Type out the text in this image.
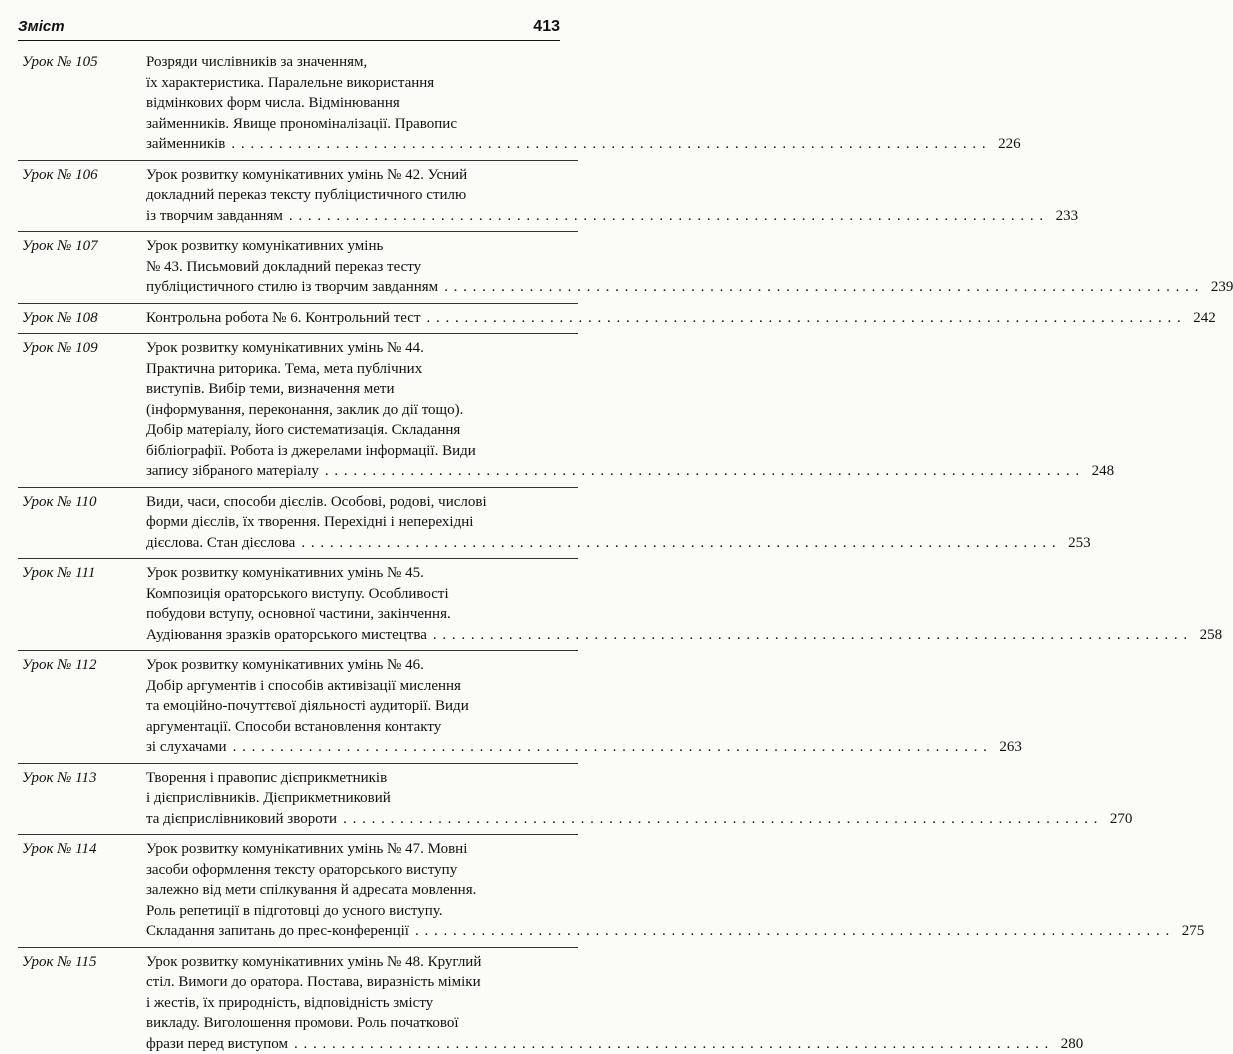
Зміст	413
Урок № 105	Розряди числівників за значенням,
їх характеристика. Паралельне використання
відмінкових форм числа. Відмінювання
займенників. Явище прономіналізації. Правопис
займенників . . . . . . . . . . . . . . . . . . . . . . . . . . . . . . . . . . . . . . . . . . . . . . . . . . . . . . . . . . . . . . . . . . . . . . . . . . . . . . . . 226
Урок № 106	Урок розвитку комунікативних умінь № 42. Усний
докладний переказ тексту публіцистичного стилю
із творчим завданням . . . . . . . . . . . . . . . . . . . . . . . . . . . . . . . . . . . . . . . . . . . . . . . . . . . . . . . . . . . . . . . . . . . . . . . . . . . . . . . . 233
Урок № 107	Урок розвитку комунікативних умінь
№ 43. Письмовий докладний переказ тесту
публіцистичного стилю із творчим завданням . . . . . . . . . . . . . . . . . . . . . . . . . . . . . . . . . . . . . . . . . . . . . . . . . . . . . . . . . . . . . . . . . . . . . . . . . . . . . . . . 239
Урок № 108	Контрольна робота № 6. Контрольний тест . . . . . . . . . . . . . . . . . . . . . . . . . . . . . . . . . . . . . . . . . . . . . . . . . . . . . . . . . . . . . . . . . . . . . . . . . . . . . . . . 242
Урок № 109	Урок розвитку комунікативних умінь № 44.
Практична риторика. Тема, мета публічних
виступів. Вибір теми, визначення мети
(інформування, переконання, заклик до дії тощо).
Добір матеріалу, його систематизація. Складання
бібліографії. Робота із джерелами інформації. Види
запису зібраного матеріалу . . . . . . . . . . . . . . . . . . . . . . . . . . . . . . . . . . . . . . . . . . . . . . . . . . . . . . . . . . . . . . . . . . . . . . . . . . . . . . . . 248
Урок № 110	Види, часи, способи дієслів. Особові, родові, числові
форми дієслів, їх творення. Перехідні і неперехідні
дієслова. Стан дієслова . . . . . . . . . . . . . . . . . . . . . . . . . . . . . . . . . . . . . . . . . . . . . . . . . . . . . . . . . . . . . . . . . . . . . . . . . . . . . . . . 253
Урок № 111	Урок розвитку комунікативних умінь № 45.
Композиція ораторського виступу. Особливості
побудови вступу, основної частини, закінчення.
Аудіювання зразків ораторського мистецтва . . . . . . . . . . . . . . . . . . . . . . . . . . . . . . . . . . . . . . . . . . . . . . . . . . . . . . . . . . . . . . . . . . . . . . . . . . . . . . . . 258
Урок № 112	Урок розвитку комунікативних умінь № 46.
Добір аргументів і способів активізації мислення
та емоційно-почуттєвої діяльності аудиторії. Види
аргументації. Способи встановлення контакту
зі слухачами . . . . . . . . . . . . . . . . . . . . . . . . . . . . . . . . . . . . . . . . . . . . . . . . . . . . . . . . . . . . . . . . . . . . . . . . . . . . . . . . 263
Урок № 113	Творення і правопис дієприкметників
і дієприслівників. Дієприкметниковий
та дієприслівниковий звороти . . . . . . . . . . . . . . . . . . . . . . . . . . . . . . . . . . . . . . . . . . . . . . . . . . . . . . . . . . . . . . . . . . . . . . . . . . . . . . . . 270
Урок № 114	Урок розвитку комунікативних умінь № 47. Мовні
засоби оформлення тексту ораторського виступу
залежно від мети спілкування й адресата мовлення.
Роль репетиції в підготовці до усного виступу.
Складання запитань до прес-конференції . . . . . . . . . . . . . . . . . . . . . . . . . . . . . . . . . . . . . . . . . . . . . . . . . . . . . . . . . . . . . . . . . . . . . . . . . . . . . . . . 275
Урок № 115	Урок розвитку комунікативних умінь № 48. Круглий
стіл. Вимоги до оратора. Постава, виразність міміки
і жестів, їх природність, відповідність змісту
викладу. Виголошення промови. Роль початкової
фрази перед виступом . . . . . . . . . . . . . . . . . . . . . . . . . . . . . . . . . . . . . . . . . . . . . . . . . . . . . . . . . . . . . . . . . . . . . . . . . . . . . . . . 280
